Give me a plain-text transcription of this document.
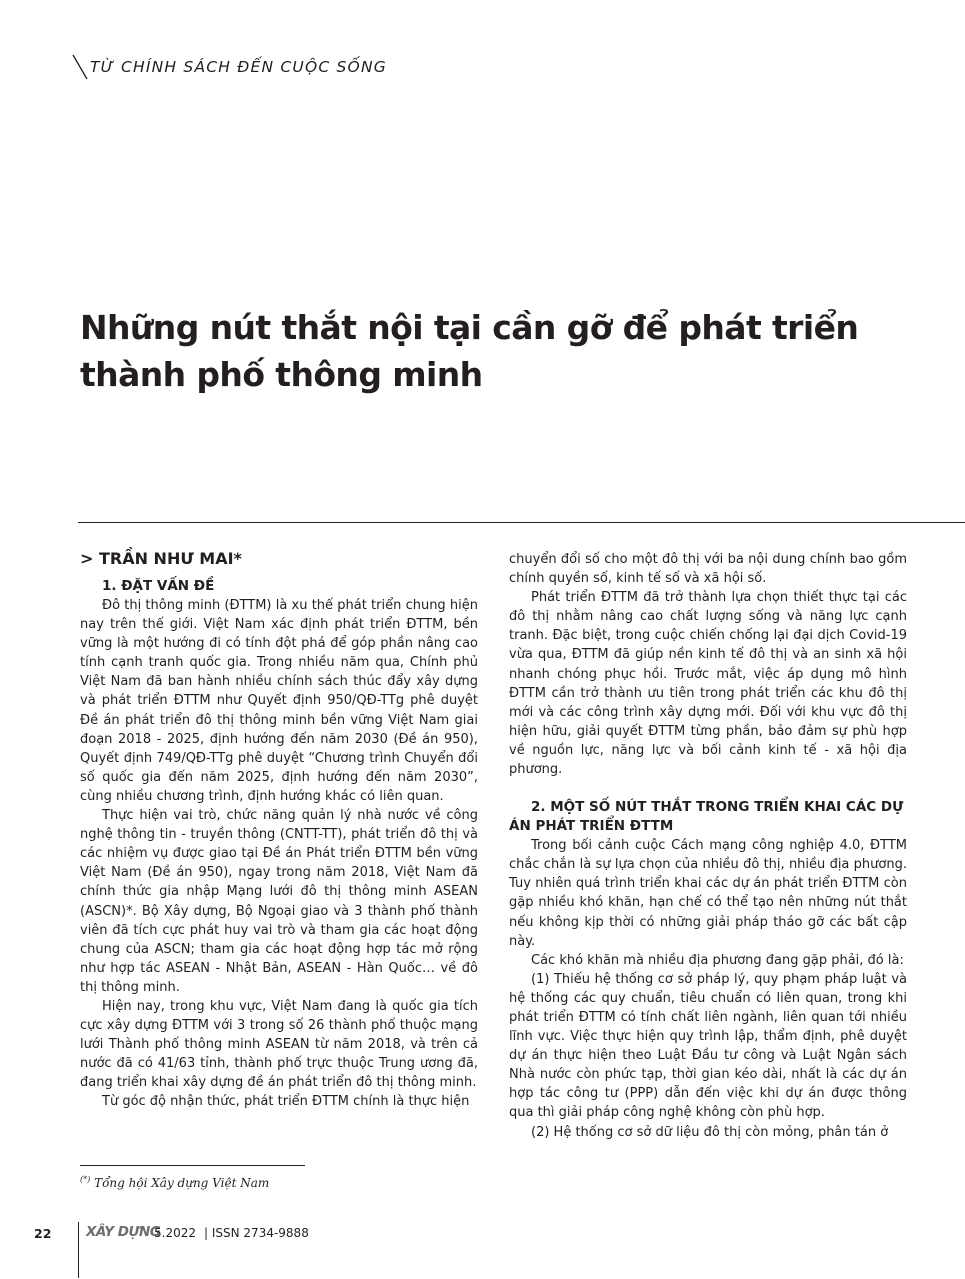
TỪ CHÍNH SÁCH ĐẾN CUỘC SỐNG
Những nút thắt nội tại cần gỡ để phát triển thành phố thông minh
> TRẦN NHƯ MAI*
1. ĐẶT VẤN ĐỀ

Đô thị thông minh (ĐTTM) là xu thế phát triển chung hiện nay trên thế giới. Việt Nam xác định phát triển ĐTTM, bền vững là một hướng đi có tính đột phá để góp phần nâng cao tính cạnh tranh quốc gia. Trong nhiều năm qua, Chính phủ Việt Nam đã ban hành nhiều chính sách thúc đẩy xây dựng và phát triển ĐTTM như Quyết định 950/QĐ-TTg phê duyệt Đề án phát triển đô thị thông minh bền vững Việt Nam giai đoạn 2018 - 2025, định hướng đến năm 2030 (Đề án 950), Quyết định 749/QĐ-TTg phê duyệt “Chương trình Chuyển đổi số quốc gia đến năm 2025, định hướng đến năm 2030”, cùng nhiều chương trình, định hướng khác có liên quan.

Thực hiện vai trò, chức năng quản lý nhà nước về công nghệ thông tin - truyền thông (CNTT-TT), phát triển đô thị và các nhiệm vụ được giao tại Đề án Phát triển ĐTTM bền vững Việt Nam (Đề án 950), ngay trong năm 2018, Việt Nam đã chính thức gia nhập Mạng lưới đô thị thông minh ASEAN (ASCN)*. Bộ Xây dựng, Bộ Ngoại giao và 3 thành phố thành viên đã tích cực phát huy vai trò và tham gia các hoạt động chung của ASCN; tham gia các hoạt động hợp tác mở rộng như hợp tác ASEAN - Nhật Bản, ASEAN - Hàn Quốc… về đô thị thông minh.

Hiện nay, trong khu vực, Việt Nam đang là quốc gia tích cực xây dựng ĐTTM với 3 trong số 26 thành phố thuộc mạng lưới Thành phố thông minh ASEAN từ năm 2018, và trên cả nước đã có 41/63 tỉnh, thành phố trực thuộc Trung ương đã, đang triển khai xây dựng đề án phát triển đô thị thông minh.

Từ góc độ nhận thức, phát triển ĐTTM chính là thực hiện

chuyển đổi số cho một đô thị với ba nội dung chính bao gồm chính quyền số, kinh tế số và xã hội số.

Phát triển ĐTTM đã trở thành lựa chọn thiết thực tại các đô thị nhằm nâng cao chất lượng sống và năng lực cạnh tranh. Đặc biệt, trong cuộc chiến chống lại đại dịch Covid-19 vừa qua, ĐTTM đã giúp nền kinh tế đô thị và an sinh xã hội nhanh chóng phục hồi. Trước mắt, việc áp dụng mô hình ĐTTM cần trở thành ưu tiên trong phát triển các khu đô thị mới và các công trình xây dựng mới. Đối với khu vực đô thị hiện hữu, giải quyết ĐTTM từng phần, bảo đảm sự phù hợp về nguồn lực, năng lực và bối cảnh kinh tế - xã hội địa phương.

2. MỘT SỐ NÚT THẮT TRONG TRIỂN KHAI CÁC DỰ ÁN PHÁT TRIỂN ĐTTM

Trong bối cảnh cuộc Cách mạng công nghiệp 4.0, ĐTTM chắc chắn là sự lựa chọn của nhiều đô thị, nhiều địa phương. Tuy nhiên quá trình triển khai các dự án phát triển ĐTTM còn gặp nhiều khó khăn, hạn chế có thể tạo nên những nút thắt nếu không kịp thời có những giải pháp tháo gỡ các bất cập này.

Các khó khăn mà nhiều địa phương đang gặp phải, đó là:

(1) Thiếu hệ thống cơ sở pháp lý, quy phạm pháp luật và hệ thống các quy chuẩn, tiêu chuẩn có liên quan, trong khi phát triển ĐTTM có tính chất liên ngành, liên quan tới nhiều lĩnh vực. Việc thực hiện quy trình lập, thẩm định, phê duyệt dự án thực hiện theo Luật Đầu tư công và Luật Ngân sách Nhà nước còn phức tạp, thời gian kéo dài, nhất là các dự án hợp tác công tư (PPP) dẫn đến việc khi dự án được thông qua thì giải pháp công nghệ không còn phù hợp.

(2) Hệ thống cơ sở dữ liệu đô thị còn mỏng, phân tán ở

(*) Tổng hội Xây dựng Việt Nam
22	XÂY DỰNG
5.2022 | ISSN 2734-9888
